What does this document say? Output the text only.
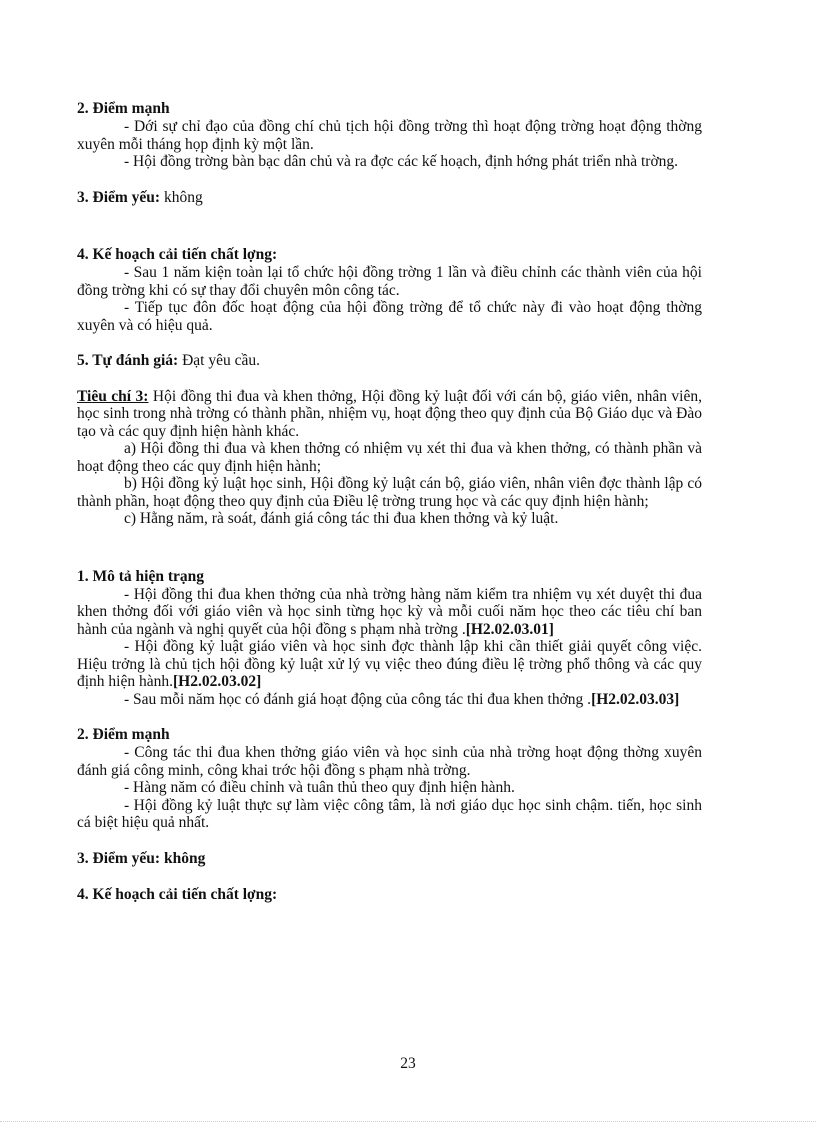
2. Điểm mạnh

- Dới sự chỉ đạo của đồng chí chủ tịch hội đồng trờng thì hoạt động trờng hoạt động thờng xuyên mỗi tháng họp định kỳ một lần.

- Hội đồng trờng bàn bạc dân chủ và ra đợc các kế hoạch, định hớng phát triển nhà trờng.

3. Điểm yếu: không

4. Kế hoạch cải tiến chất lợng:

- Sau 1 năm kiện toàn lại tổ chức hội đồng trờng 1 lần và điều chỉnh các thành viên của hội đồng trờng khi có sự thay đổi chuyên môn công tác.

- Tiếp tục đôn đốc hoạt động của hội đồng trờng để tổ chức này đi vào hoạt động thờng xuyên và có hiệu quả.

5. Tự đánh giá: Đạt yêu cầu.

Tiêu chí 3: Hội đồng thi đua và khen thởng, Hội đồng kỷ luật đối với cán bộ, giáo viên, nhân viên, học sinh trong nhà trờng có thành phần, nhiệm vụ, hoạt động theo quy định của Bộ Giáo dục và Đào tạo và các quy định hiện hành khác.

a) Hội đồng thi đua và khen thởng có nhiệm vụ xét thi đua và khen thởng, có thành phần và hoạt động theo các quy định hiện hành;

b) Hội đồng kỷ luật học sinh, Hội đồng kỷ luật cán bộ, giáo viên, nhân viên đợc thành lập có thành phần, hoạt động theo quy định của Điều lệ trờng trung học và các quy định hiện hành;

c) Hằng năm, rà soát, đánh giá công tác thi đua khen thởng và kỷ luật.

1. Mô tả hiện trạng

- Hội đồng thi đua khen thởng của nhà trờng hàng năm kiểm tra nhiệm vụ xét duyệt thi đua khen thởng đối với giáo viên và học sinh từng học kỳ và mỗi cuối năm học theo các tiêu chí ban hành của ngành và nghị quyết của hội đồng s phạm nhà trờng .[H2.02.03.01]

- Hội đồng kỷ luật giáo viên và học sinh đợc thành lập khi cần thiết giải quyết công việc. Hiệu trởng là chủ tịch hội đồng kỷ luật xử lý vụ việc theo đúng điều lệ trờng phổ thông và các quy định hiện hành.[H2.02.03.02]

- Sau mỗi năm học có đánh giá hoạt động của công tác thi đua khen thởng .[H2.02.03.03]

2. Điểm mạnh

- Công tác thi đua khen thởng giáo viên và học sinh của nhà trờng hoạt động thờng xuyên đánh giá công minh, công khai trớc hội đồng s phạm nhà trờng.

- Hàng năm có điều chỉnh và tuân thủ theo quy định hiện hành.

- Hội đồng kỷ luật thực sự làm việc công tâm, là nơi giáo dục học sinh chậm. tiến, học sinh cá biệt hiệu quả nhất.

3. Điểm yếu: không
4. Kế hoạch cải tiến chất lợng:
23
